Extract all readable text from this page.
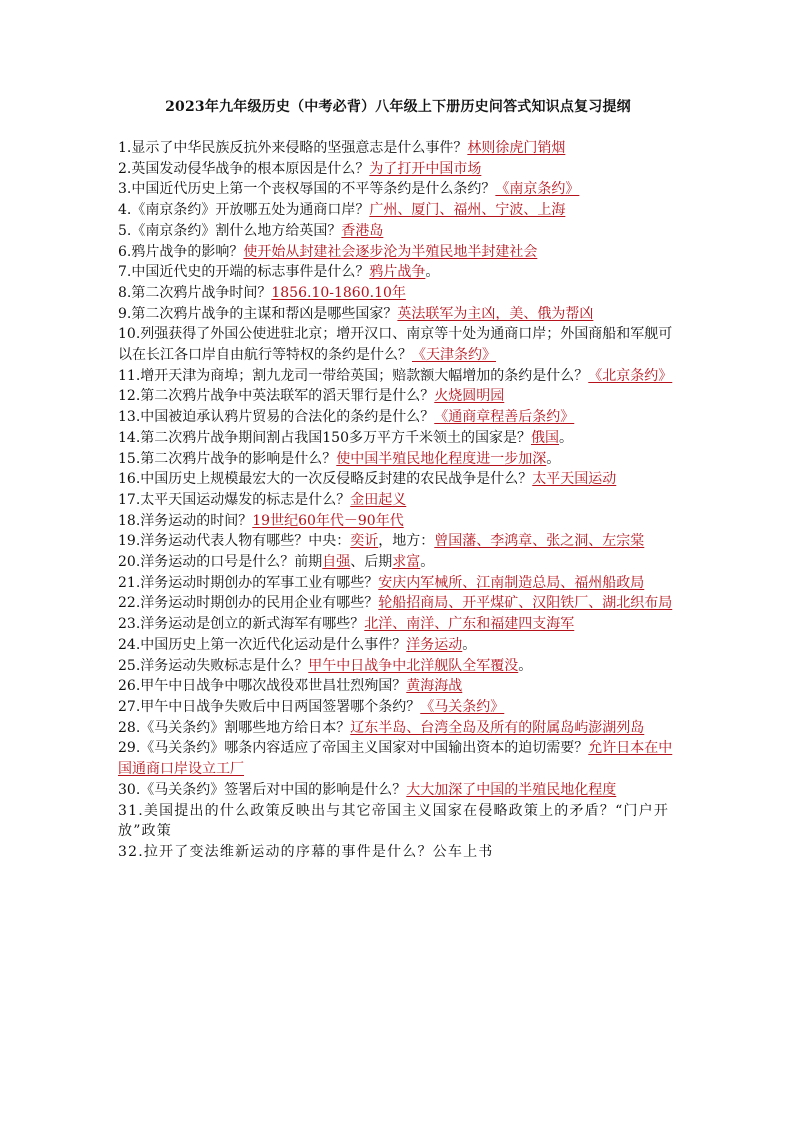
2023年九年级历史（中考必背）八年级上下册历史问答式知识点复习提纲

1.显示了中华民族反抗外来侵略的坚强意志是什么事件？林则徐虎门销烟

2.英国发动侵华战争的根本原因是什么？为了打开中国市场

3.中国近代历史上第一个丧权辱国的不平等条约是什么条约？《南京条约》

4.《南京条约》开放哪五处为通商口岸？广州、厦门、福州、宁波、上海

5.《南京条约》割什么地方给英国？香港岛

6.鸦片战争的影响？使开始从封建社会逐步沦为半殖民地半封建社会

7.中国近代史的开端的标志事件是什么？鸦片战争。

8.第二次鸦片战争时间？1856.10-1860.10年

9.第二次鸦片战争的主谋和帮凶是哪些国家？英法联军为主凶，美、俄为帮凶

10.列强获得了外国公使进驻北京；增开汉口、南京等十处为通商口岸；外国商船和军舰可以在长江各口岸自由航行等特权的条约是什么？《天津条约》

11.增开天津为商埠；割九龙司一带给英国；赔款额大幅增加的条约是什么？《北京条约》

12.第二次鸦片战争中英法联军的滔天罪行是什么？火烧圆明园

13.中国被迫承认鸦片贸易的合法化的条约是什么？《通商章程善后条约》

14.第二次鸦片战争期间割占我国150多万平方千米领土的国家是？俄国。

15.第二次鸦片战争的影响是什么？使中国半殖民地化程度进一步加深。

16.中国历史上规模最宏大的一次反侵略反封建的农民战争是什么？太平天国运动

17.太平天国运动爆发的标志是什么？金田起义

18.洋务运动的时间？19世纪60年代－90年代

19.洋务运动代表人物有哪些？中央：奕䜣，地方：曾国藩、李鸿章、张之洞、左宗棠

20.洋务运动的口号是什么？前期自强、后期求富。

21.洋务运动时期创办的军事工业有哪些？安庆内军械所、江南制造总局、福州船政局

22.洋务运动时期创办的民用企业有哪些？轮船招商局、开平煤矿、汉阳铁厂、湖北织布局

23.洋务运动是创立的新式海军有哪些？北洋、南洋、广东和福建四支海军

24.中国历史上第一次近代化运动是什么事件？洋务运动。

25.洋务运动失败标志是什么？甲午中日战争中北洋舰队全军覆没。

26.甲午中日战争中哪次战役邓世昌壮烈殉国？黄海海战

27.甲午中日战争失败后中日两国签署哪个条约？《马关条约》

28.《马关条约》割哪些地方给日本？辽东半岛、台湾全岛及所有的附属岛屿澎湖列岛

29.《马关条约》哪条内容适应了帝国主义国家对中国输出资本的迫切需要？允许日本在中国通商口岸设立工厂

30.《马关条约》签署后对中国的影响是什么？大大加深了中国的半殖民地化程度

31.美国提出的什么政策反映出与其它帝国主义国家在侵略政策上的矛盾？“门户开放”政策

32.拉开了变法维新运动的序幕的事件是什么？公车上书
